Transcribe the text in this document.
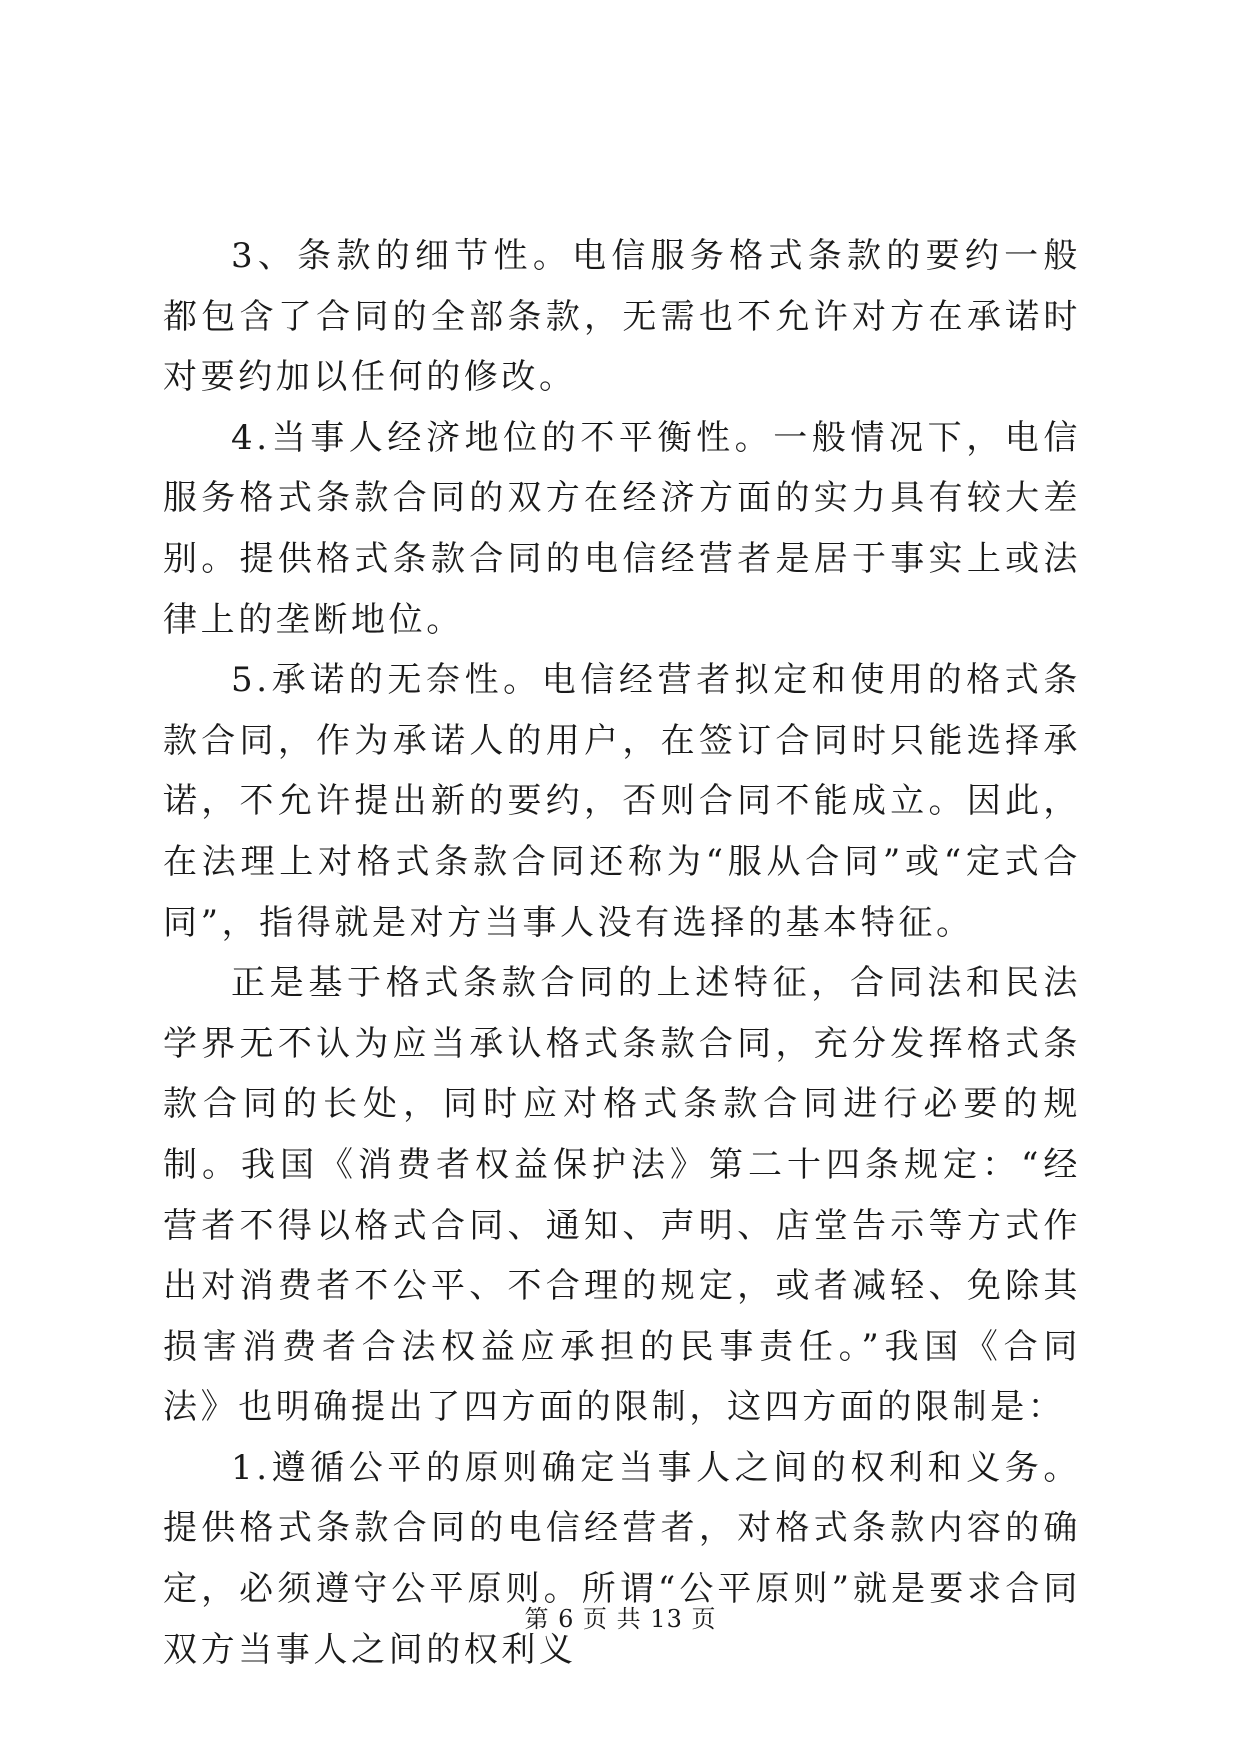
3、条款的细节性。电信服务格式条款的要约一般都包含了合同的全部条款，无需也不允许对方在承诺时对要约加以任何的修改。

4.当事人经济地位的不平衡性。一般情况下，电信服务格式条款合同的双方在经济方面的实力具有较大差别。提供格式条款合同的电信经营者是居于事实上或法律上的垄断地位。

5.承诺的无奈性。电信经营者拟定和使用的格式条款合同，作为承诺人的用户，在签订合同时只能选择承诺，不允许提出新的要约，否则合同不能成立。因此，在法理上对格式条款合同还称为“服从合同”或“定式合同”，指得就是对方当事人没有选择的基本特征。

正是基于格式条款合同的上述特征，合同法和民法学界无不认为应当承认格式条款合同，充分发挥格式条款合同的长处，同时应对格式条款合同进行必要的规制。我国《消费者权益保护法》第二十四条规定：“经营者不得以格式合同、通知、声明、店堂告示等方式作出对消费者不公平、不合理的规定，或者减轻、免除其损害消费者合法权益应承担的民事责任。”我国《合同法》也明确提出了四方面的限制，这四方面的限制是：

1.遵循公平的原则确定当事人之间的权利和义务。提供格式条款合同的电信经营者，对格式条款内容的确定，必须遵守公平原则。所谓“公平原则”就是要求合同双方当事人之间的权利义

第 6 页 共 13 页
